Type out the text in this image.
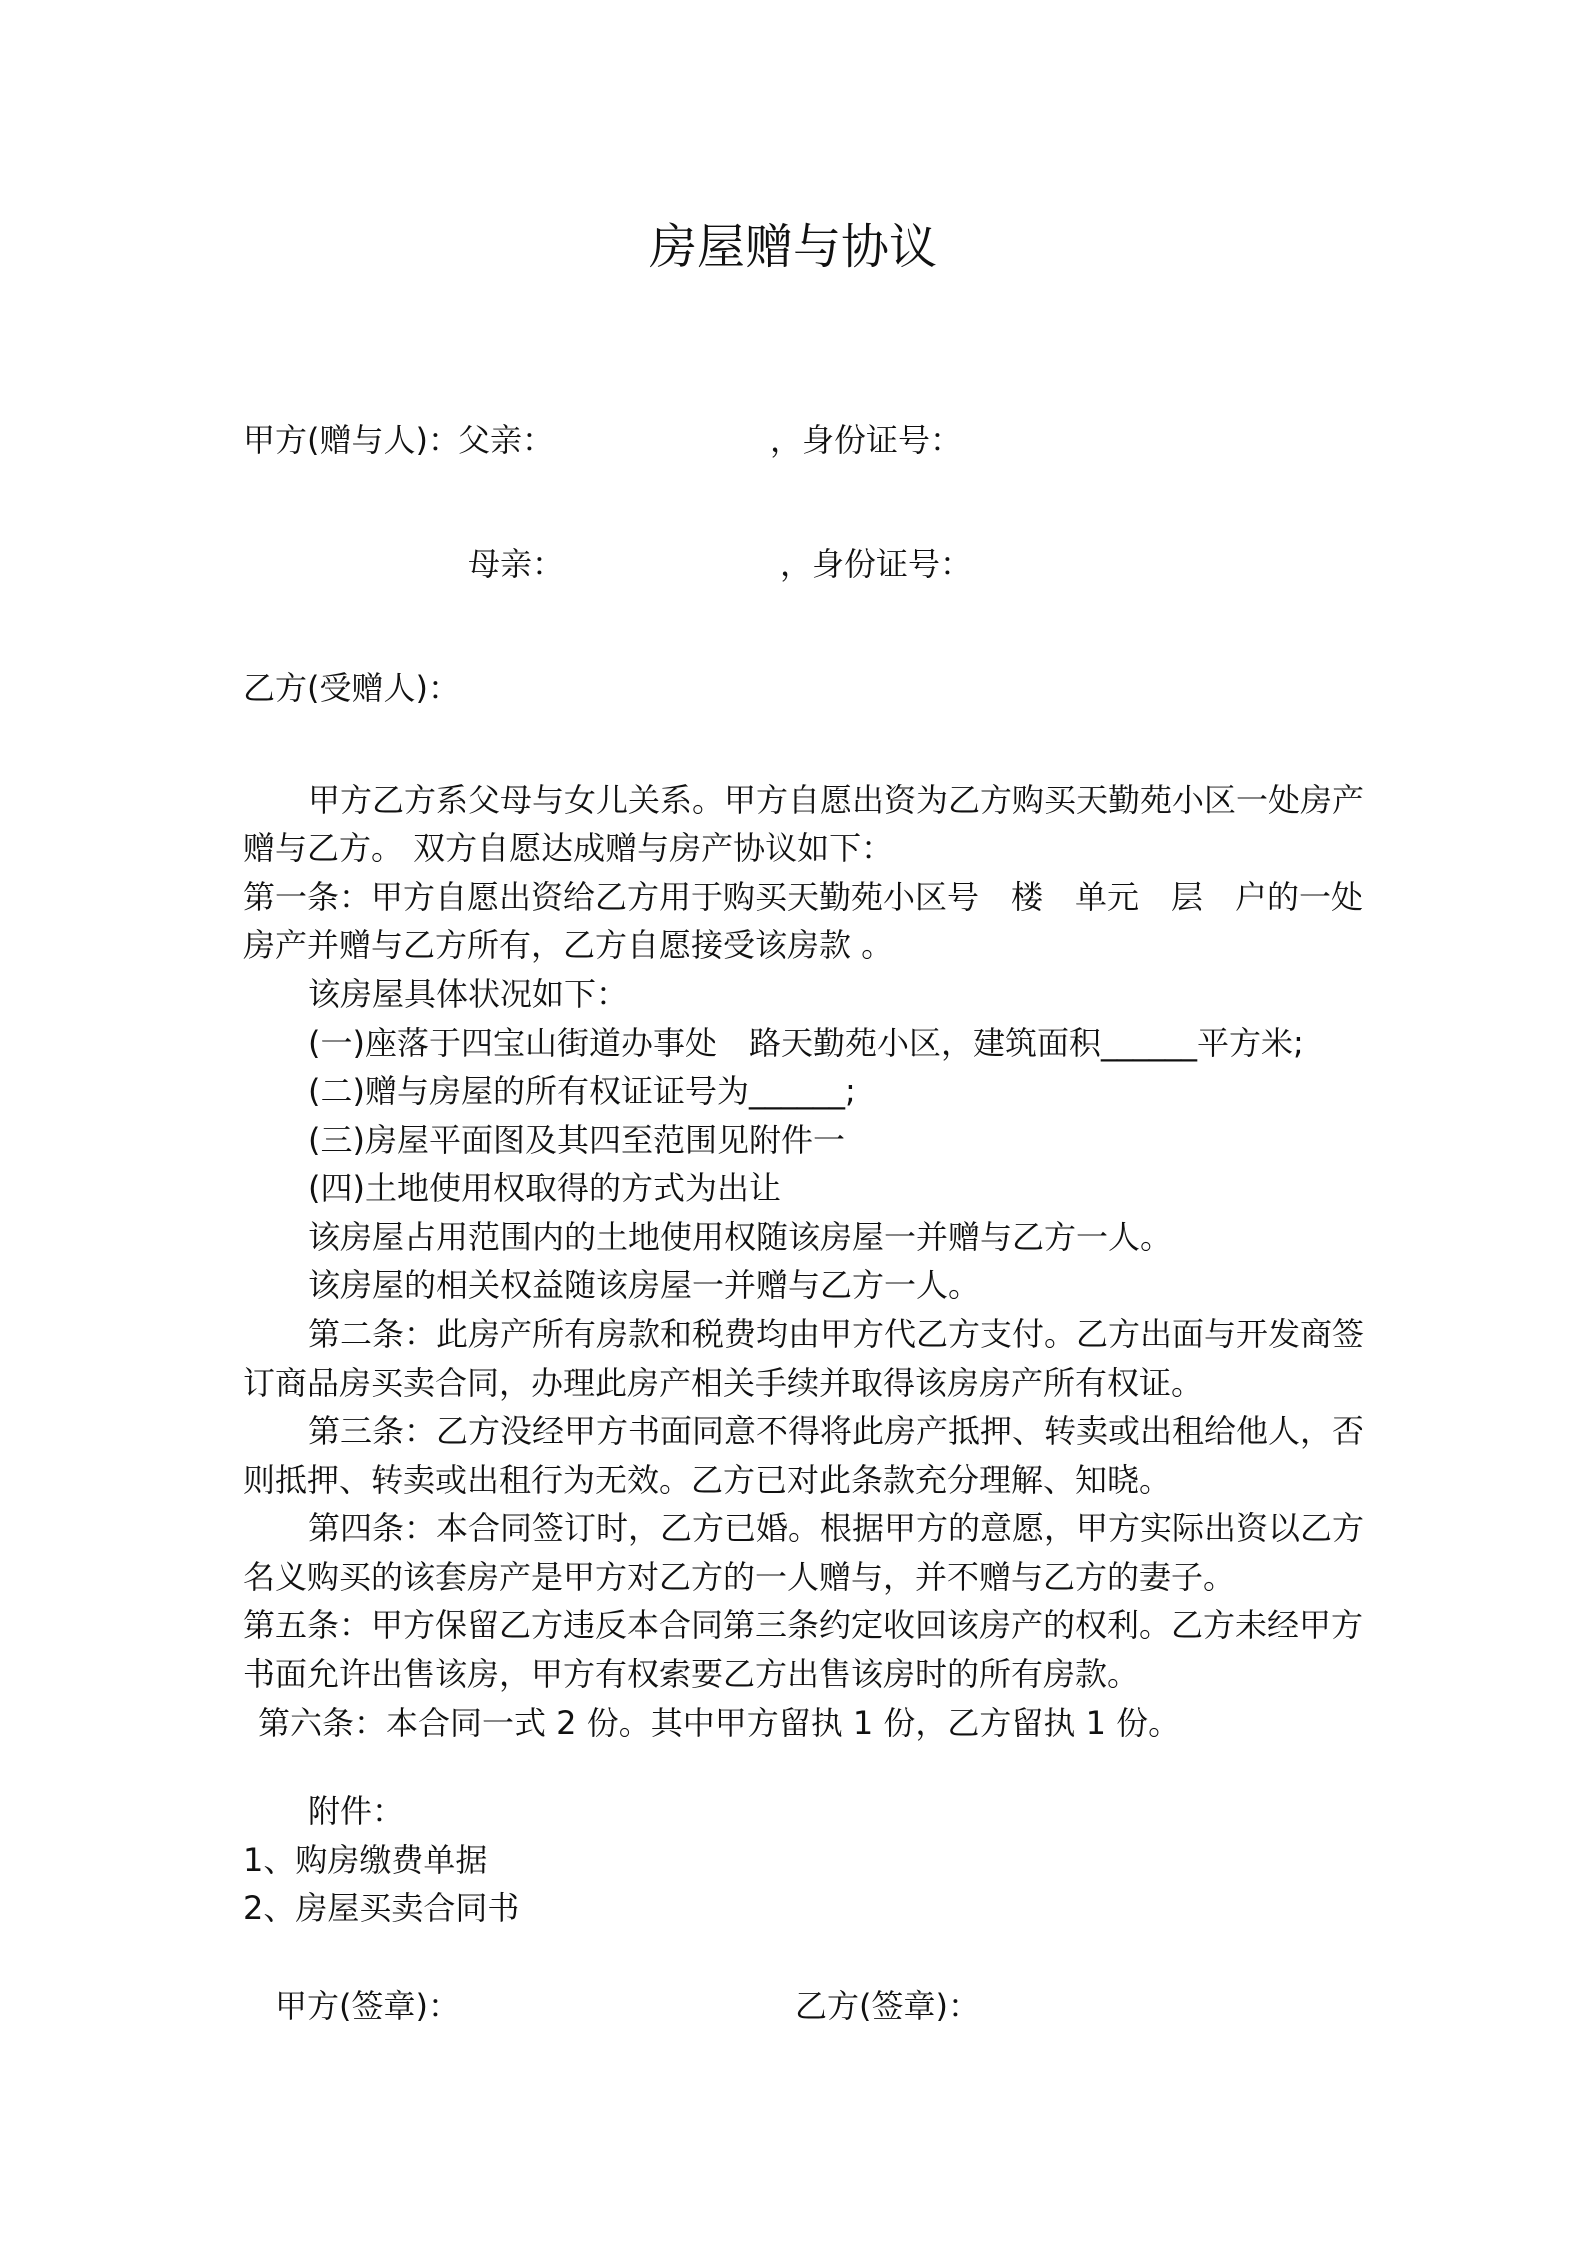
房屋赠与协议
甲方(赠与人)：
父亲：	，身份证号：
母亲：	，身份证号：
乙方(受赠人)：
甲方乙方系父母与女儿关系。甲方自愿出资为乙方购买天勤苑小区一处房产
赠与乙方。 双方自愿达成赠与房产协议如下：
第一条：甲方自愿出资给乙方用于购买天勤苑小区号　楼　单元　层　户的一处
房产并赠与乙方所有，乙方自愿接受该房款 。
该房屋具体状况如下：
(一)座落于四宝山街道办事处　路天勤苑小区，建筑面积______平方米;
(二)赠与房屋的所有权证证号为______;
(三)房屋平面图及其四至范围见附件一
(四)土地使用权取得的方式为出让
该房屋占用范围内的土地使用权随该房屋一并赠与乙方一人。
该房屋的相关权益随该房屋一并赠与乙方一人。
第二条：此房产所有房款和税费均由甲方代乙方支付。乙方出面与开发商签
订商品房买卖合同，办理此房产相关手续并取得该房房产所有权证。
第三条：乙方没经甲方书面同意不得将此房产抵押、转卖或出租给他人，否
则抵押、转卖或出租行为无效。乙方已对此条款充分理解、知晓。
第四条：本合同签订时，乙方已婚。根据甲方的意愿，甲方实际出资以乙方
名义购买的该套房产是甲方对乙方的一人赠与，并不赠与乙方的妻子。
第五条：甲方保留乙方违反本合同第三条约定收回该房产的权利。乙方未经甲方
书面允许出售该房，甲方有权索要乙方出售该房时的所有房款。
第六条：本合同一式 2 份。其中甲方留执 1 份，乙方留执 1 份。
附件：
1、购房缴费单据
2、房屋买卖合同书
甲方(签章)：	乙方(签章)：
